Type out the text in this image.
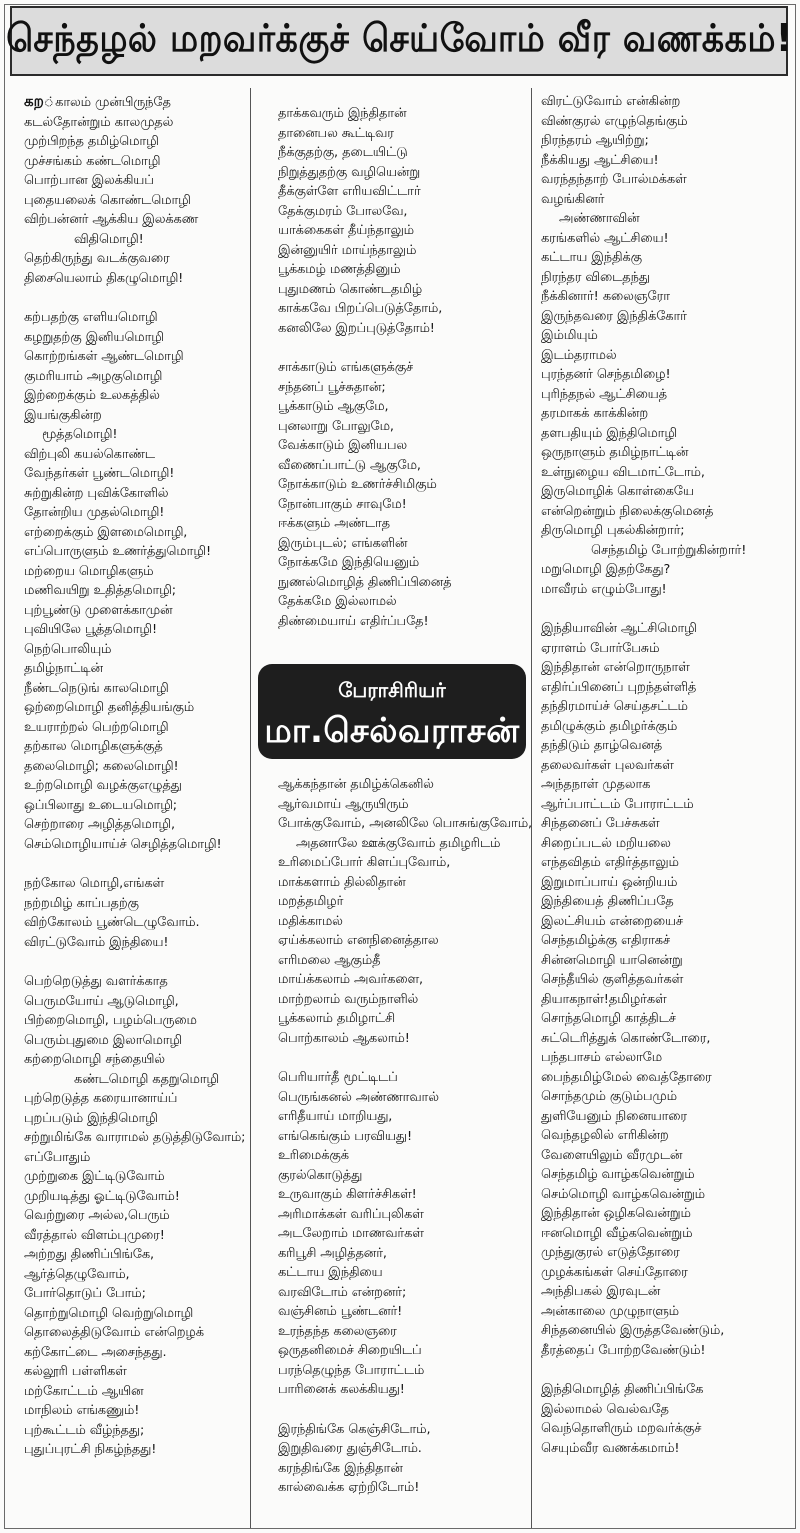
செந்தழல் மறவர்க்குச் செய்வோம் வீர வணக்கம்!
கற்காலம் முன்பிருந்தே
கடல்தோன்றும் காலமுதல்
முற்பிறந்த தமிழ்மொழி
முச்சங்கம் கண்டமொழி
பொற்பான இலக்கியப்
புதையலைக் கொண்டமொழி
விற்பன்னர் ஆக்கிய இலக்கண
விதிமொழி!
தெற்கிருந்து வடக்குவரை
திசையெலாம் திகழுமொழி!
கற்பதற்கு எளியமொழி
கழறுதற்கு இனியமொழி
கொற்றங்கள் ஆண்டமொழி
குமரியாம் அழகுமொழி
இற்றைக்கும் உலகத்தில்
இயங்குகின்ற
மூத்தமொழி!
விற்புலி கயல்கொண்ட
வேந்தர்கள் பூண்டமொழி!
சுற்றுகின்ற புவிக்கோளில்
தோன்றிய முதல்மொழி!
எற்றைக்கும் இளமைமொழி,
எப்பொருளும் உணர்த்துமொழி!
மற்றைய மொழிகளும்
மணிவயிறு உதித்தமொழி;
புற்பூண்டு முளைக்காமுன்
புவியிலே பூத்தமொழி!
நெற்பொலியும்
தமிழ்நாட்டின்
நீண்டநெடுங் காலமொழி
ஒற்றைமொழி தனித்தியங்கும்
உயராற்றல் பெற்றமொழி
தற்கால மொழிகளுக்குத்
தலைமொழி; கலைமொழி!
உற்றமொழி வழக்குஎழுத்து
ஒப்பிலாது உடையமொழி;
செற்றாரை அழித்தமொழி,
செம்மொழியாய்ச் செழித்தமொழி!
நற்கோல மொழி,எங்கள்
நற்றமிழ் காப்பதற்கு
விற்கோலம் பூண்டெழுவோம்.
விரட்டுவோம் இந்தியை!
பெற்றெடுத்து வளர்க்காத
பெருமயோய் ஆடுமொழி,
பிற்றைமொழி, பழம்பெருமை
பெரும்புதுமை இலாமொழி
கற்றைமொழி சந்தையில்
கண்டமொழி கதறுமொழி
புற்றெடுத்த கரையானாய்ப்
புறப்படும் இந்திமொழி
சற்றுமிங்கே வாராமல் தடுத்திடுவோம்;
எப்போதும்
முற்றுகை இட்டிடுவோம்
முறியடித்து ஓட்டிடுவோம்!
வெற்றுரை அல்ல,பெரும்
வீரத்தால் விளம்புமுரை!
அற்றது திணிப்பிங்கே,
ஆர்த்தெழுவோம்,
போர்தொடுப் போம்;
தொற்றுமொழி வெற்றுமொழி
தொலைத்திடுவோம் என்றெழக்
கற்கோட்டை அசைந்தது.
கல்லூரி பள்ளிகள்
மற்கோட்டம் ஆயின
மாநிலம் எங்கணும்!
புற்கூட்டம் வீழ்ந்தது;
புதுப்புரட்சி நிகழ்ந்தது!
தாக்கவரும் இந்திதான்
தானைபல கூட்டிவர
நீக்குதற்கு, தடையிட்டு
நிறுத்துதற்கு வழியென்று
தீக்குள்ளே எரியவிட்டார்
தேக்குமரம் போலவே,
யாக்கைகள் தீய்ந்தாலும்
இன்னுயிர் மாய்ந்தாலும்
பூக்கமழ் மணத்தினும்
புதுமணம் கொண்டதமிழ்
காக்கவே பிறப்பெடுத்தோம்,
கனலிலே இறப்புடுத்தோம்!
சாக்காடும் எங்களுக்குச்
சந்தனப் பூச்சுதான்;
பூக்காடும் ஆகுமே,
புனலாறு போலுமே,
வேக்காடும் இனியபல
வீணைப்பாட்டு ஆகுமே,
நோக்காடும் உணர்ச்சிமிகும்
நோன்பாகும் சாவுமே!
ஈக்களும் அண்டாத
இரும்புடல்; எங்களின்
நோக்கமே இந்தியெனும்
நுணல்மொழித் திணிப்பினைத்
தேக்கமே இல்லாமல்
திண்மையாய் எதிர்ப்பதே!
பேராசிரியர்
மா.செல்வராசன்
ஆக்கந்தான் தமிழ்க்கெனில்
ஆர்வமாய் ஆருயிரும்
போக்குவோம், அனலிலே பொசுங்குவோம்,
அதனாலே ஊக்குவோம் தமிழரிடம்
உரிமைப்போர் கிளப்புவோம்,
மாக்களாம் தில்லிதான்
மறத்தமிழர்
மதிக்காமல்
ஏய்க்கலாம் எனநினைத்தால
எரிமலை ஆகும்தீ
மாய்க்கலாம் அவர்களை,
மாற்றலாம் வரும்நாளில்
பூக்கலாம் தமிழாட்சி
பொற்காலம் ஆகலாம்!
பெரியார்தீ மூட்டிடப்
பெருங்கனல் அண்ணாவால்
எரிதீயாய் மாறியது,
எங்கெங்கும் பரவியது!
உரிமைக்குக்
குரல்கொடுத்து
உருவாகும் கிளர்ச்சிகள்!
அரிமாக்கள் வரிப்புலிகள்
அடலேறாம் மாணவர்கள்
கரிபூசி அழித்தனர்,
கட்டாய இந்தியை
வரவிடோம் என்றனர்;
வஞ்சினம் பூண்டனர்!
உரந்தந்த கலைஞரை
ஒருதனிமைச் சிறையிடப்
பரந்தெழுந்த போராட்டம்
பாரினைக் கலக்கியது!
இரந்திங்கே கெஞ்சிடோம்,
இறுதிவரை துஞ்சிடோம்.
கரந்திங்கே இந்திதான்
கால்வைக்க ஏற்றிடோம்!
விரட்டுவோம் என்கின்ற
விண்குரல் எழுந்தெங்கும்
நிரந்தரம் ஆயிற்று;
நீக்கியது ஆட்சியை!
வரந்தந்தாற் போல்மக்கள்
வழங்கினர்
அண்ணாவின்
கரங்களில் ஆட்சியை!
கட்டாய இந்திக்கு
நிரந்தர விடைதந்து
நீக்கினார்! கலைஞரோ
இருந்தவரை இந்திக்கோர்
இம்மியும்
இடம்தராமல்
புரந்தனர் செந்தமிழை!
புரிந்தநல் ஆட்சியைத்
தரமாகக் காக்கின்ற
தளபதியும் இந்திமொழி
ஒருநாளும் தமிழ்நாட்டின்
உள்நுழைய விடமாட்டோம்,
இருமொழிக் கொள்கையே
என்றென்றும் நிலைக்குமெனத்
திருமொழி புகல்கின்றார்;
செந்தமிழ் போற்றுகின்றார்!
மறுமொழி இதற்கேது?
மாவீரம் எழும்போது!
இந்தியாவின் ஆட்சிமொழி
ஏராளம் போர்பேசும்
இந்திதான் என்றொருநாள்
எதிர்ப்பினைப் புறந்தள்ளித்
தந்திரமாய்ச் செய்தசட்டம்
தமிழுக்கும் தமிழர்க்கும்
தந்திடும் தாழ்வெனத்
தலைவர்கள் புலவர்கள்
அந்தநாள் முதலாக
ஆர்ப்பாட்டம் போராட்டம்
சிந்தனைப் பேச்சுகள்
சிறைப்படல் மறியலை
எந்தவிதம் எதிர்த்தாலும்
இறுமாப்பாய் ஒன்றியம்
இந்தியைத் திணிப்பதே
இலட்சியம் என்றையைச்
செந்தமிழ்க்கு எதிராகச்
சின்னமொழி யானென்று
செந்தீயில் குளித்தவர்கள்
தியாகநாள்!தமிழர்கள்
சொந்தமொழி காத்திடச்
சுட்டெரித்துக் கொண்டோரை,
பந்தபாசம் எல்லாமே
பைந்தமிழ்மேல் வைத்தோரை
சொந்தமும் குடும்பமும்
துளியேனும் நினையாரை
வெந்தழலில் எரிகின்ற
வேளையிலும் வீரமுடன்
செந்தமிழ் வாழ்கவென்றும்
செம்மொழி வாழ்கவென்றும்
இந்திதான் ஒழிகவென்றும்
ஈனமொழி வீழ்கவென்றும்
முந்துகுரல் எடுத்தோரை
முழக்கங்கள் செய்தோரை
அந்திபகல் இரவுடன்
அன்காலை முழுநாளும்
சிந்தனையில் இருத்தவேண்டும்,
தீரத்தைப் போற்றவேண்டும்!
இந்திமொழித் திணிப்பிங்கே
இல்லாமல் வெல்வதே
வெந்தொளிரும் மறவர்க்குச்
செயும்வீர வணக்கமாம்!
